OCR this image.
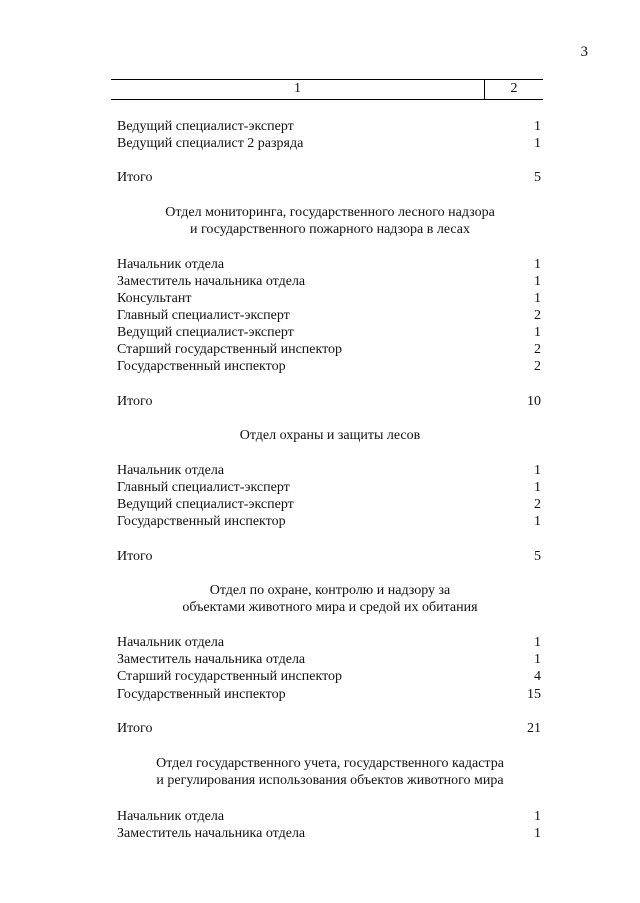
3
1	2
Ведущий специалист-эксперт	1
Ведущий специалист 2 разряда	1
Итого	5
Отдел мониторинга, государственного лесного надзора
и государственного пожарного надзора в лесах
Начальник отдела	1
Заместитель начальника отдела	1
Консультант	1
Главный специалист-эксперт	2
Ведущий специалист-эксперт	1
Старший государственный инспектор	2
Государственный инспектор	2
Итого	10
Отдел охраны и защиты лесов
Начальник отдела	1
Главный специалист-эксперт	1
Ведущий специалист-эксперт	2
Государственный инспектор	1
Итого	5
Отдел по охране, контролю и надзору за
объектами животного мира и средой их обитания
Начальник отдела	1
Заместитель начальника отдела	1
Старший государственный инспектор	4
Государственный инспектор	15
Итого	21
Отдел государственного учета, государственного кадастра
и регулирования использования объектов животного мира
Начальник отдела	1
Заместитель начальника отдела	1
